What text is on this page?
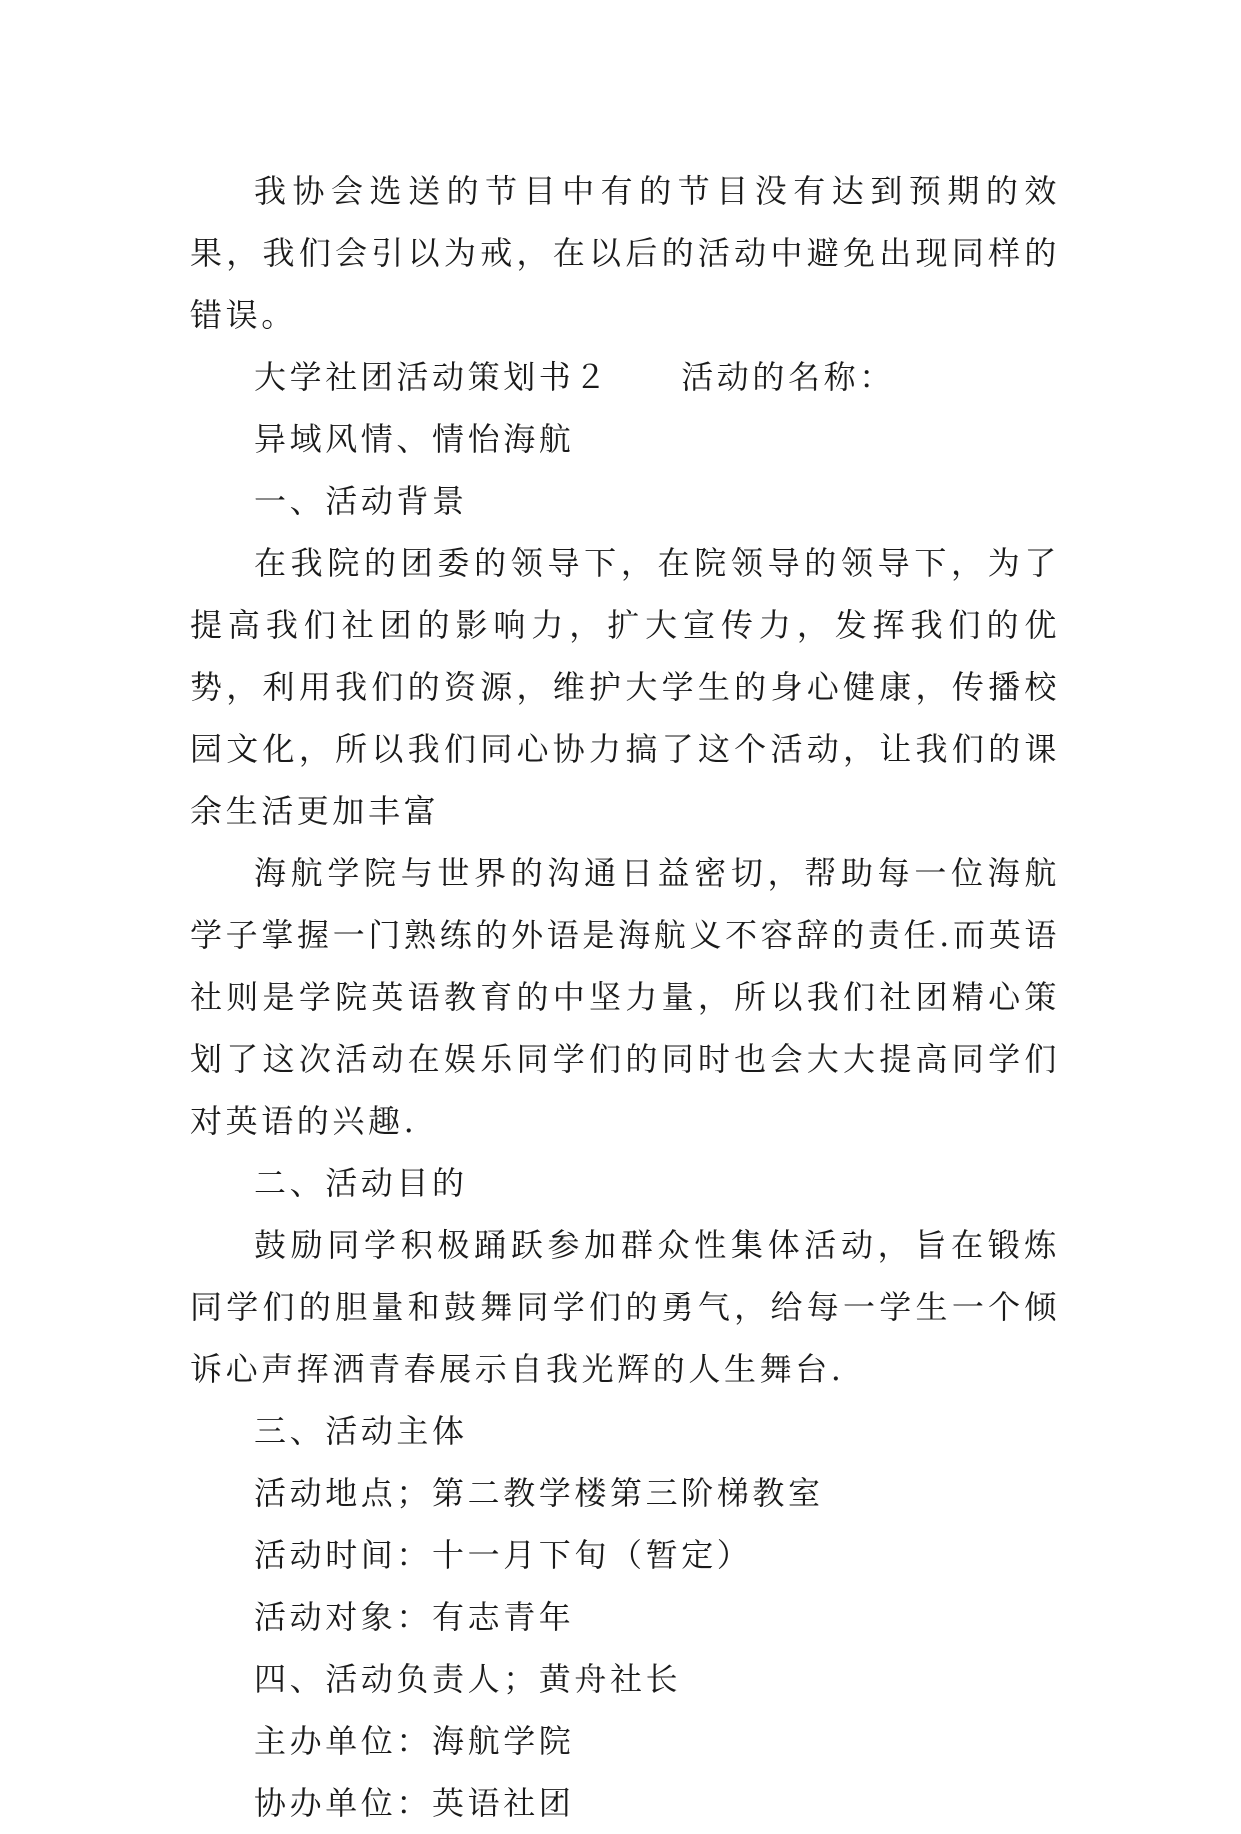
我协会选送的节目中有的节目没有达到预期的效果，我们会引以为戒，在以后的活动中避免出现同样的错误。

大学社团活动策划书２　　活动的名称：

异域风情、情怡海航

一、活动背景

在我院的团委的领导下，在院领导的领导下，为了提高我们社团的影响力，扩大宣传力，发挥我们的优势，利用我们的资源，维护大学生的身心健康，传播校园文化，所以我们同心协力搞了这个活动，让我们的课余生活更加丰富

海航学院与世界的沟通日益密切，帮助每一位海航学子掌握一门熟练的外语是海航义不容辞的责任.而英语社则是学院英语教育的中坚力量，所以我们社团精心策划了这次活动在娱乐同学们的同时也会大大提高同学们对英语的兴趣.

二、活动目的

鼓励同学积极踊跃参加群众性集体活动，旨在锻炼同学们的胆量和鼓舞同学们的勇气，给每一学生一个倾诉心声挥洒青春展示自我光辉的人生舞台.

三、活动主体

活动地点；第二教学楼第三阶梯教室

活动时间：十一月下旬（暂定）

活动对象：有志青年

四、活动负责人；黄舟社长

主办单位：海航学院

协办单位：英语社团
